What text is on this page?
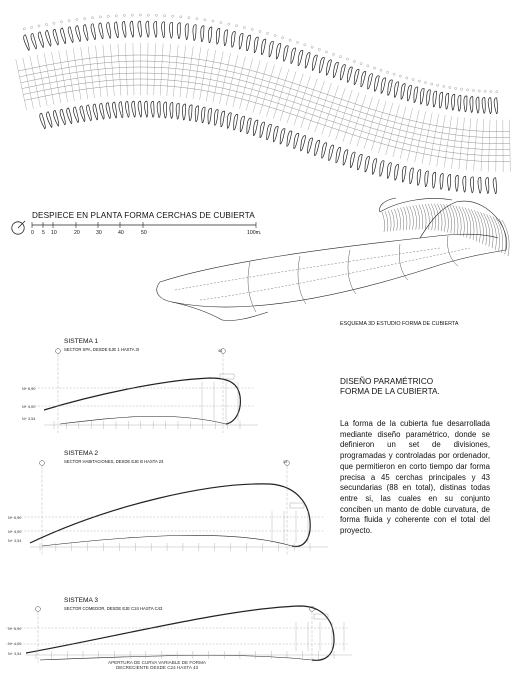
DESPIECE EN PLANTA FORMA CERCHAS DE CUBIERTA
0 5 10	20	30	40	50	100m.
ESQUEMA 3D ESTUDIO FORMA DE CUBIERTA
SISTEMA 1
SECTOR SPA, DESDE EJE 1 HASTA 3I
N+ 6,90
N+ 4,00
N+ 3,54
43
SISTEMA 2
SECTOR HABITACIONES, DESDE EJE B HASTA 23
N+ 6,90
N+ 4,00
N+ 3,54
23
SISTEMA 3
SECTOR COMEDOR, DESDE EJE C24 HASTA C43
N+ 6,90
N+ 4,00
N+ 3,54
APERTURA DE CURVA VARIABLE DE FORMA
DECRECIENTE DESDE C24 HASTA 43
DISEÑO PARAMÉTRICO
FORMA DE LA CUBIERTA.
La forma de la cubierta fue desarrollada mediante diseño paramétrico, donde se definieron un set de divisiones, programadas y controladas por ordenador, que permitieron en corto tiempo dar forma precisa a 45 cerchas principales y 43 secundarias (88 en total), distinas todas entre si, las cuales en su conjunto conciben un manto de doble curvatura, de forma fluida y coherente con el total del proyecto.
